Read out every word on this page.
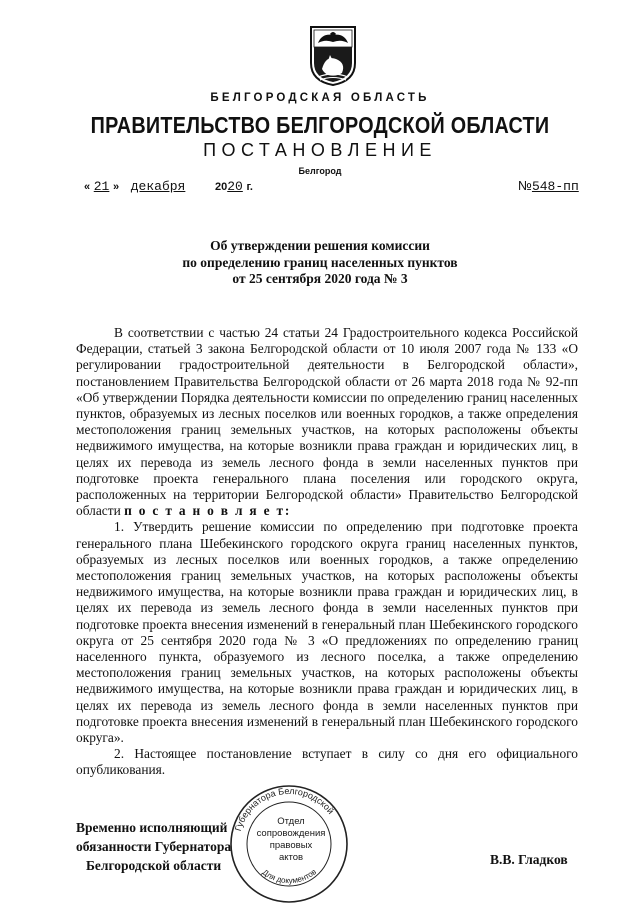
БЕЛГОРОДСКАЯ ОБЛАСТЬ
ПРАВИТЕЛЬСТВО БЕЛГОРОДСКОЙ ОБЛАСТИ
ПОСТАНОВЛЕНИЕ
Белгород
« 21 » декабря	2020 г.	№548-пп
Об утверждении решения комиссии
по определению границ населенных пунктов
от 25 сентября 2020 года № 3

В соответствии с частью 24 статьи 24 Градостроительного кодекса Российской Федерации, статьей 3 закона Белгородской области от 10 июля 2007 года № 133 «О регулировании градостроительной деятельности в Белгородской области», постановлением Правительства Белгородской области от 26 марта 2018 года № 92-пп «Об утверждении Порядка деятельности комиссии по определению границ населенных пунктов, образуемых из лесных поселков или военных городков, а также определения местоположения границ земельных участков, на которых расположены объекты недвижимого имущества, на которые возникли права граждан и юридических лиц, в целях их перевода из земель лесного фонда в земли населенных пунктов при подготовке проекта генерального плана поселения или городского округа, расположенных на территории Белгородской области» Правительство Белгородской области п о с т а н о в л я е т:

1. Утвердить решение комиссии по определению при подготовке проекта генерального плана Шебекинского городского округа границ населенных пунктов, образуемых из лесных поселков или военных городков, а также определению местоположения границ земельных участков, на которых расположены объекты недвижимого имущества, на которые возникли права граждан и юридических лиц, в целях их перевода из земель лесного фонда в земли населенных пунктов при подготовке проекта внесения изменений в генеральный план Шебекинского городского округа от 25 сентября 2020 года № 3 «О предложениях по определению границ населенного пункта, образуемого из лесного поселка, а также определению местоположения границ земельных участков, на которых расположены объекты недвижимого имущества, на которые возникли права граждан и юридических лиц, в целях их перевода из земель лесного фонда в земли населенных пунктов при подготовке проекта внесения изменений в генеральный план Шебекинского городского округа».

2. Настоящее постановление вступает в силу со дня его официального опубликования.

Временно исполняющий
обязанности Губернатора
Белгородской области	В.В. Гладков
Губернатора Белгородской
Для документов
Отдел
сопровождения
правовых
актов
